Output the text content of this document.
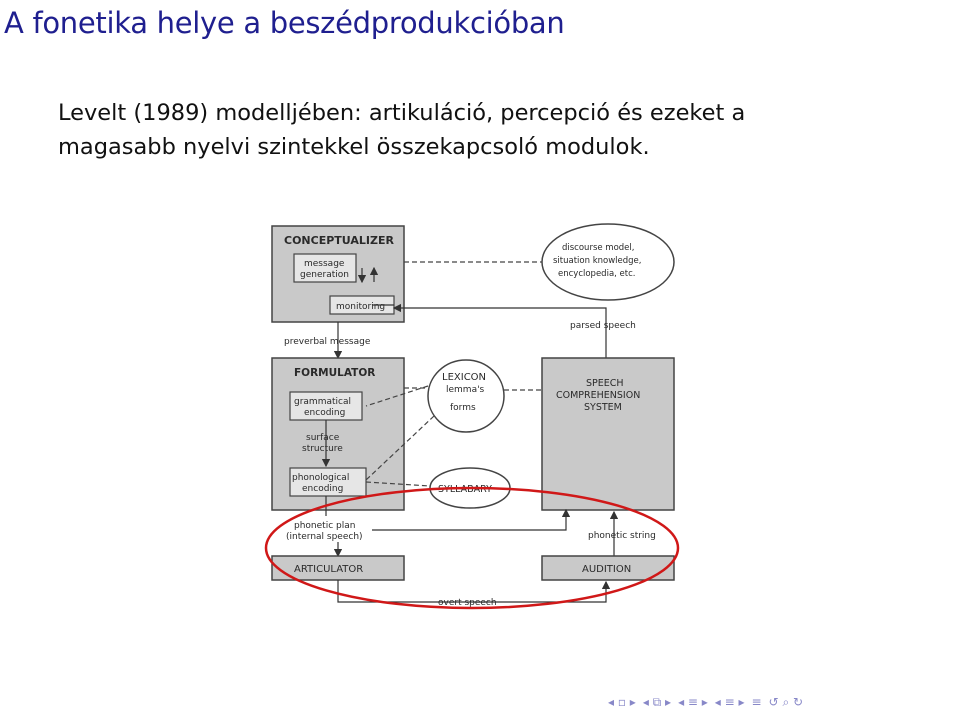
A fonetika helye a beszédprodukcióban
Levelt (1989) modelljében: artikuláció, percepció és ezeket a
magasabb nyelvi szintekkel összekapcsoló modulok.
CONCEPTUALIZER
message
generation
monitoring
discourse model,
situation knowledge,
encyclopedia, etc.
parsed speech
preverbal message
FORMULATOR
grammatical
encoding
surface
structure
phonological
encoding
LEXICON
lemma's
forms
SPEECH
COMPREHENSION
SYSTEM
SYLLABARY
phonetic plan
(internal speech)	phonetic string
ARTICULATOR	AUDITION
overt speech
◂ ▫ ▸ ◂ ⧉ ▸ ◂ ≡ ▸ ◂ ≡ ▸ ≡ ↺ ⌕ ↻
